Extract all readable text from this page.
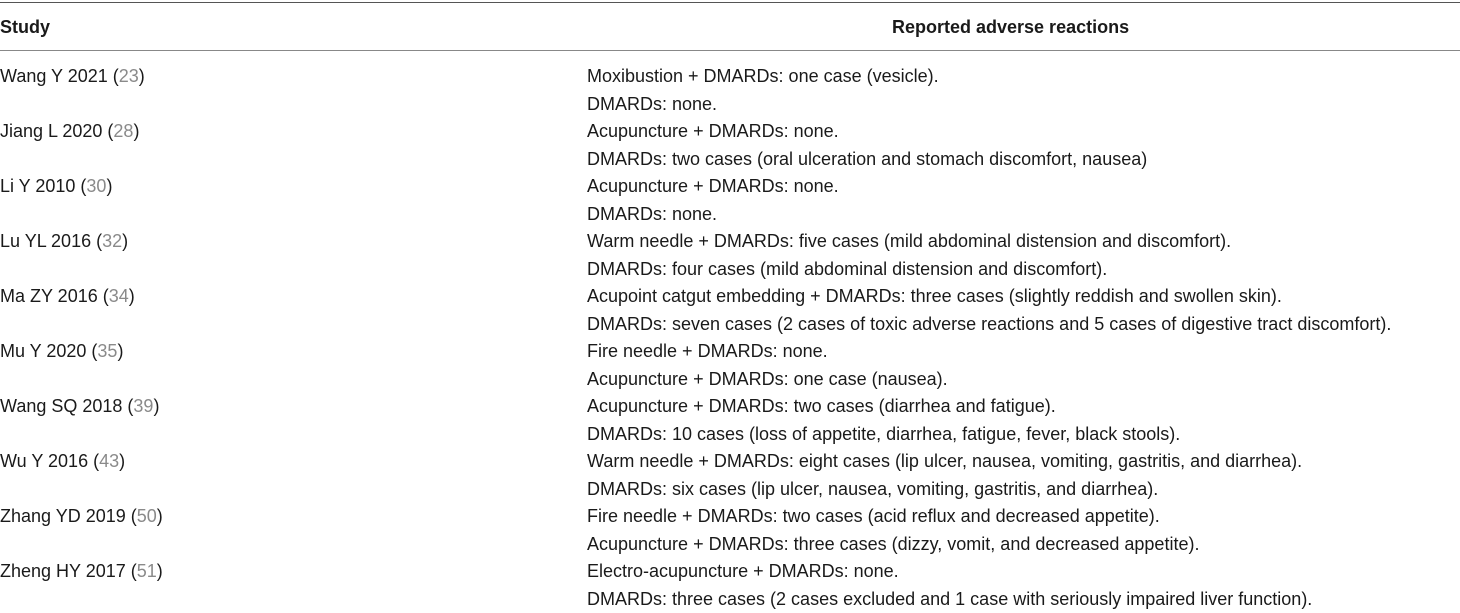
Study	Reported adverse reactions
Wang Y 2021 (23)	Moxibustion + DMARDs: one case (vesicle).
DMARDs: none.
Jiang L 2020 (28)	Acupuncture + DMARDs: none.
DMARDs: two cases (oral ulceration and stomach discomfort, nausea)
Li Y 2010 (30)	Acupuncture + DMARDs: none.
DMARDs: none.
Lu YL 2016 (32)	Warm needle + DMARDs: five cases (mild abdominal distension and discomfort).
DMARDs: four cases (mild abdominal distension and discomfort).
Ma ZY 2016 (34)	Acupoint catgut embedding + DMARDs: three cases (slightly reddish and swollen skin).
DMARDs: seven cases (2 cases of toxic adverse reactions and 5 cases of digestive tract discomfort).
Mu Y 2020 (35)	Fire needle + DMARDs: none.
Acupuncture + DMARDs: one case (nausea).
Wang SQ 2018 (39)	Acupuncture + DMARDs: two cases (diarrhea and fatigue).
DMARDs: 10 cases (loss of appetite, diarrhea, fatigue, fever, black stools).
Wu Y 2016 (43)	Warm needle + DMARDs: eight cases (lip ulcer, nausea, vomiting, gastritis, and diarrhea).
DMARDs: six cases (lip ulcer, nausea, vomiting, gastritis, and diarrhea).
Zhang YD 2019 (50)	Fire needle + DMARDs: two cases (acid reflux and decreased appetite).
Acupuncture + DMARDs: three cases (dizzy, vomit, and decreased appetite).
Zheng HY 2017 (51)	Electro-acupuncture + DMARDs: none.
DMARDs: three cases (2 cases excluded and 1 case with seriously impaired liver function).
